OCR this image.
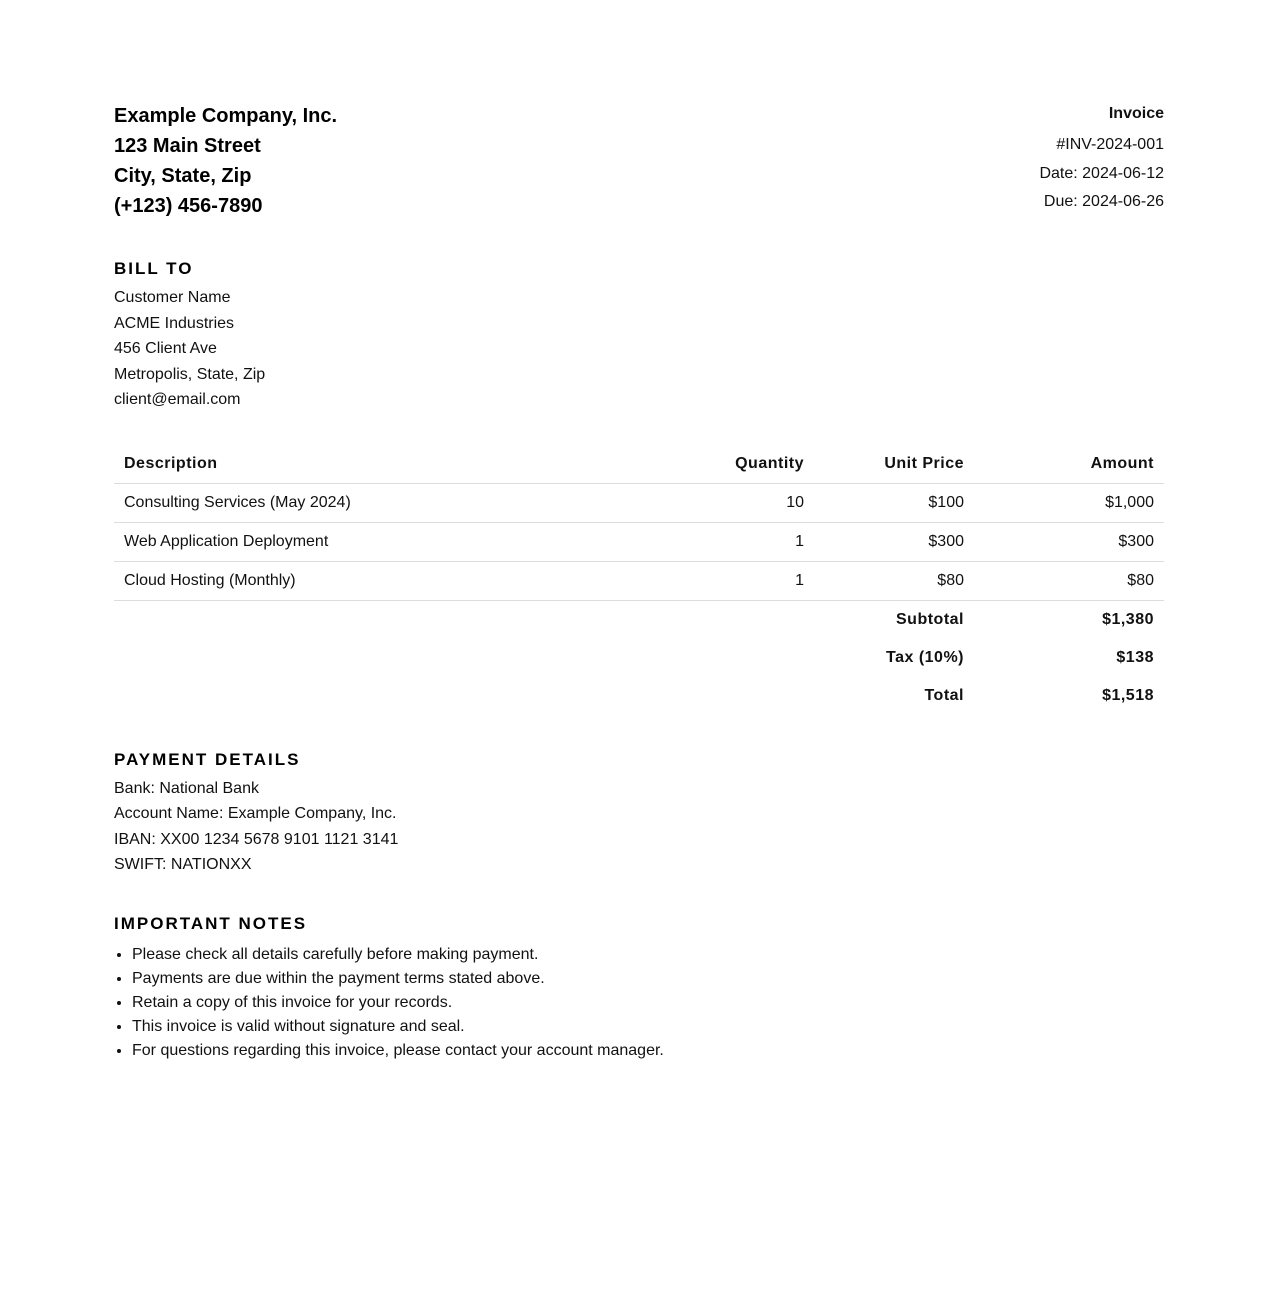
Example Company, Inc.
123 Main Street
City, State, Zip
(+123) 456-7890
Invoice
#INV-2024-001
Date: 2024-06-12
Due: 2024-06-26
BILL TO
Customer Name
ACME Industries
456 Client Ave
Metropolis, State, Zip
client@email.com
Description	Quantity	Unit Price	Amount
Consulting Services (May 2024)	10	$100	$1,000
Web Application Deployment	1	$300	$300
Cloud Hosting (Monthly)	1	$80	$80
Subtotal			$1,380
Tax (10%)			$138
Total			$1,518
PAYMENT DETAILS
Bank: National Bank
Account Name: Example Company, Inc.
IBAN: XX00 1234 5678 9101 1121 3141
SWIFT: NATIONXX
IMPORTANT NOTES
• Please check all details carefully before making payment.
• Payments are due within the payment terms stated above.
• Retain a copy of this invoice for your records.
• This invoice is valid without signature and seal.
• For questions regarding this invoice, please contact your account manager.
